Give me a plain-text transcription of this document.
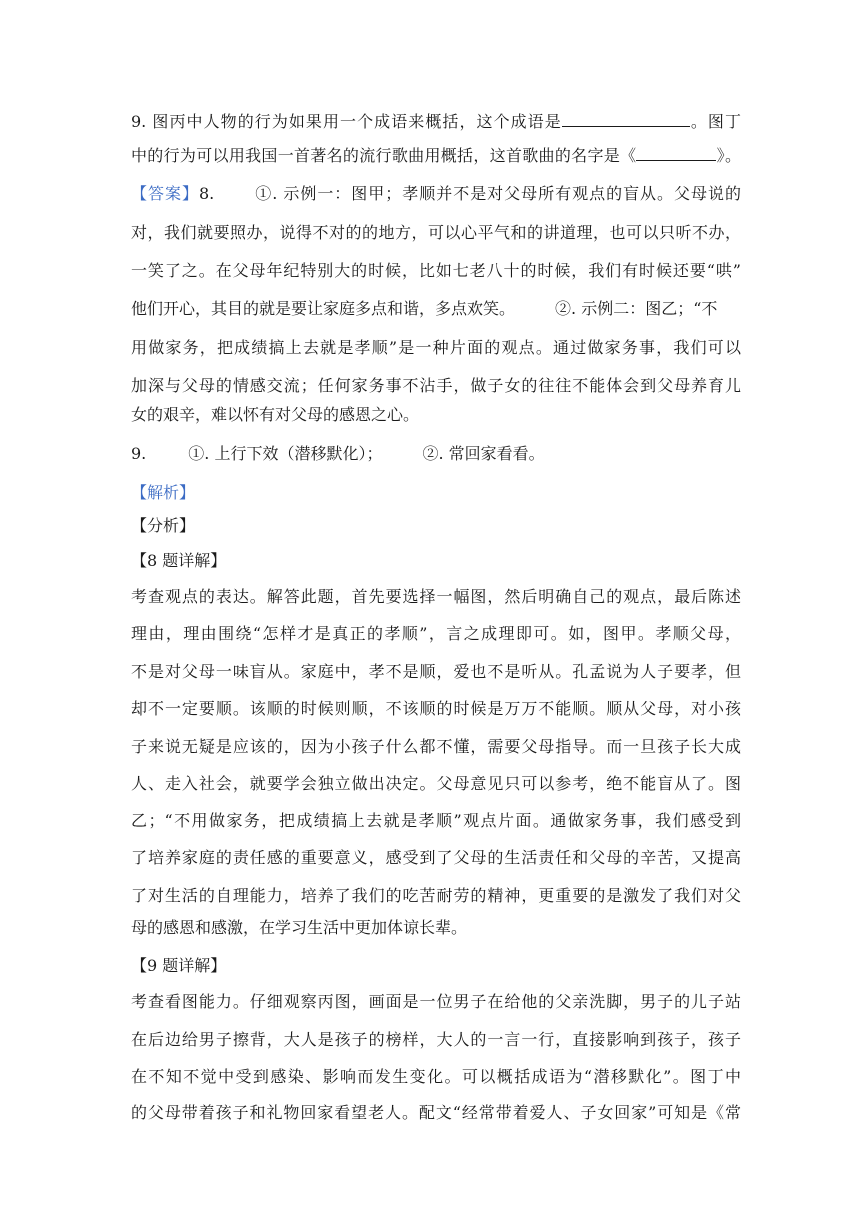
9. 图丙中人物的行为如果用一个成语来概括，这个成语是	。图丁
中的行为可以用我国一首著名的流行歌曲用概括，这首歌曲的名字是《	》。
【答案】8.	①. 示例一：图甲；孝顺并不是对父母所有观点的盲从。父母说的
对，我们就要照办，说得不对的的地方，可以心平气和的讲道理，也可以只听不办，
一笑了之。在父母年纪特别大的时候，比如七老八十的时候，我们有时候还要“哄”
他们开心，其目的就是要让家庭多点和谐，多点欢笑。	②. 示例二：图乙；“不
用做家务，把成绩搞上去就是孝顺”是一种片面的观点。通过做家务事，我们可以
加深与父母的情感交流；任何家务事不沾手，做子女的往往不能体会到父母养育儿
女的艰辛，难以怀有对父母的感恩之心。
9.	①. 上行下效（潜移默化）；	②. 常回家看看。
【解析】
【分析】
【8 题详解】
考查观点的表达。解答此题，首先要选择一幅图，然后明确自己的观点，最后陈述
理由，理由围绕“怎样才是真正的孝顺”，言之成理即可。如，图甲。孝顺父母，
不是对父母一味盲从。家庭中，孝不是顺，爱也不是听从。孔孟说为人子要孝，但
却不一定要顺。该顺的时候则顺，不该顺的时候是万万不能顺。顺从父母，对小孩
子来说无疑是应该的，因为小孩子什么都不懂，需要父母指导。而一旦孩子长大成
人、走入社会，就要学会独立做出决定。父母意见只可以参考，绝不能盲从了。图
乙；“不用做家务，把成绩搞上去就是孝顺”观点片面。通做家务事，我们感受到
了培养家庭的责任感的重要意义，感受到了父母的生活责任和父母的辛苦，又提高
了对生活的自理能力，培养了我们的吃苦耐劳的精神，更重要的是激发了我们对父
母的感恩和感激，在学习生活中更加体谅长辈。
【9 题详解】
考查看图能力。仔细观察丙图，画面是一位男子在给他的父亲洗脚，男子的儿子站
在后边给男子擦背，大人是孩子的榜样，大人的一言一行，直接影响到孩子，孩子
在不知不觉中受到感染、影响而发生变化。可以概括成语为“潜移默化”。图丁中
的父母带着孩子和礼物回家看望老人。配文“经常带着爱人、子女回家”可知是《常
